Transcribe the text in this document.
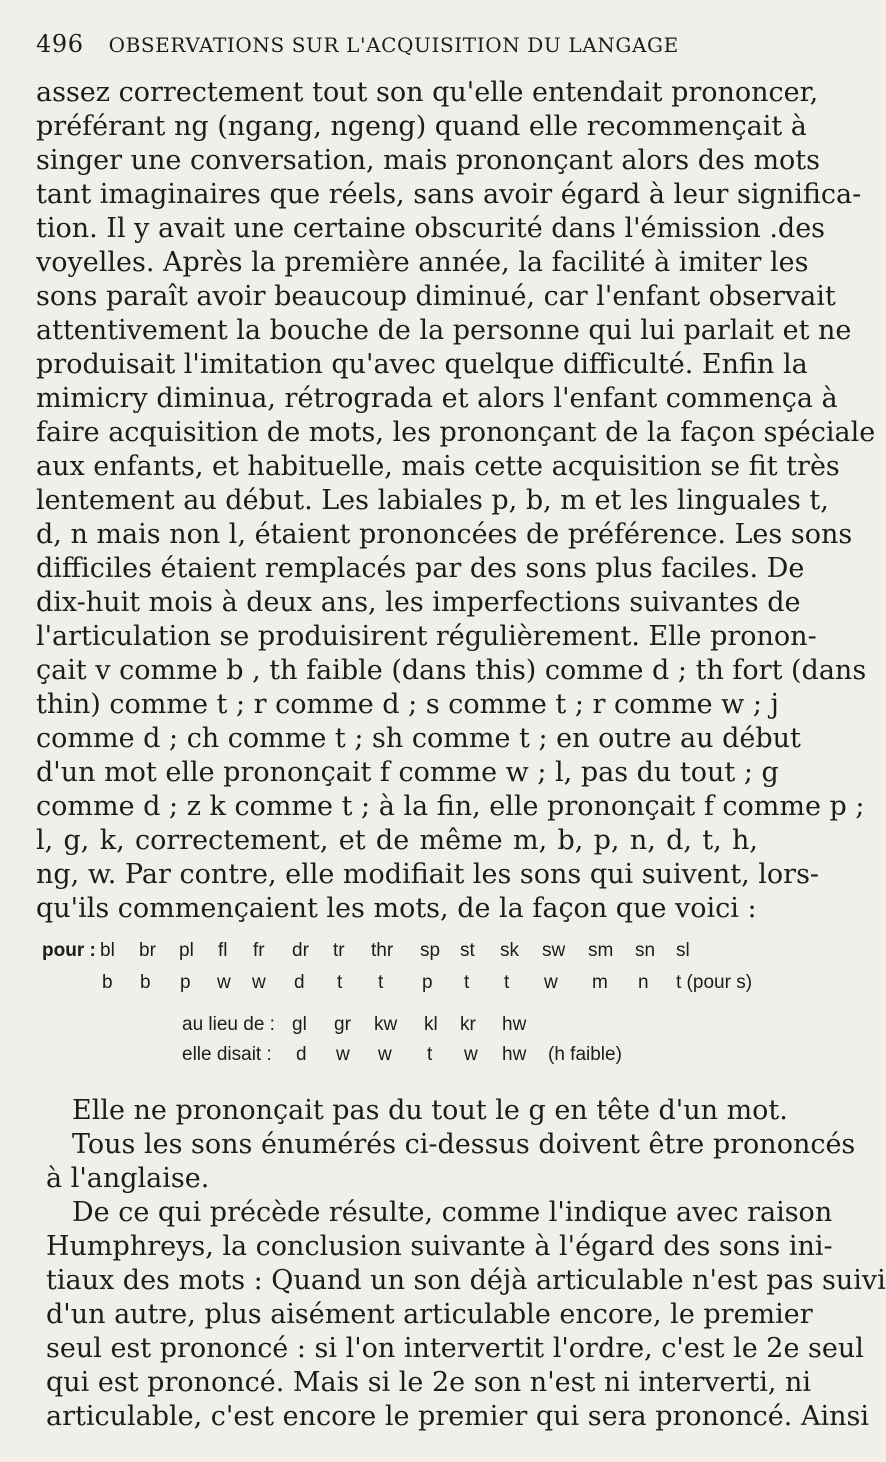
496 OBSERVATIONS SUR L'ACQUISITION DU LANGAGE
assez correctement tout son qu'elle entendait prononcer,
préférant ng (ngang, ngeng) quand elle recommençait à
singer une conversation, mais prononçant alors des mots
tant imaginaires que réels, sans avoir égard à leur significa-
tion. Il y avait une certaine obscurité dans l'émission .des
voyelles. Après la première année, la facilité à imiter les
sons paraît avoir beaucoup diminué, car l'enfant observait
attentivement la bouche de la personne qui lui parlait et ne
produisait l'imitation qu'avec quelque difficulté. Enfin la
mimicry diminua, rétrograda et alors l'enfant commença à
faire acquisition de mots, les prononçant de la façon spéciale
aux enfants, et habituelle, mais cette acquisition se fit très
lentement au début. Les labiales p, b, m et les linguales t,
d, n mais non l, étaient prononcées de préférence. Les sons
difficiles étaient remplacés par des sons plus faciles. De
dix-huit mois à deux ans, les imperfections suivantes de
l'articulation se produisirent régulièrement. Elle pronon-
çait v comme b , th faible (dans this) comme d ; th fort (dans
thin) comme t ; r comme d ; s comme t ; r comme w ; j
comme d ; ch comme t ; sh comme t ; en outre au début
d'un mot elle prononçait f comme w ; l, pas du tout ; g
comme d ; z k comme t ; à la fin, elle prononçait f comme p ;
l, g, k, correctement, et de même m, b, p, n, d, t, h,
ng, w. Par contre, elle modifiait les sons qui suivent, lors-
qu'ils commençaient les mots, de la façon que voici :
pour : bl br pl fl fr dr tr thr sp st sk sw sm sn sl
b b p w w d t t p t t w m n t (pour s)
au lieu de : gl gr kw kl kr hw
elle disait : d w w t w hw (h faible)
Elle ne prononçait pas du tout le g en tête d'un mot.
Tous les sons énumérés ci-dessus doivent être prononcés
à l'anglaise.
De ce qui précède résulte, comme l'indique avec raison
Humphreys, la conclusion suivante à l'égard des sons ini-
tiaux des mots : Quand un son déjà articulable n'est pas suivi
d'un autre, plus aisément articulable encore, le premier
seul est prononcé : si l'on intervertit l'ordre, c'est le 2e seul
qui est prononcé. Mais si le 2e son n'est ni interverti, ni
articulable, c'est encore le premier qui sera prononcé. Ainsi
